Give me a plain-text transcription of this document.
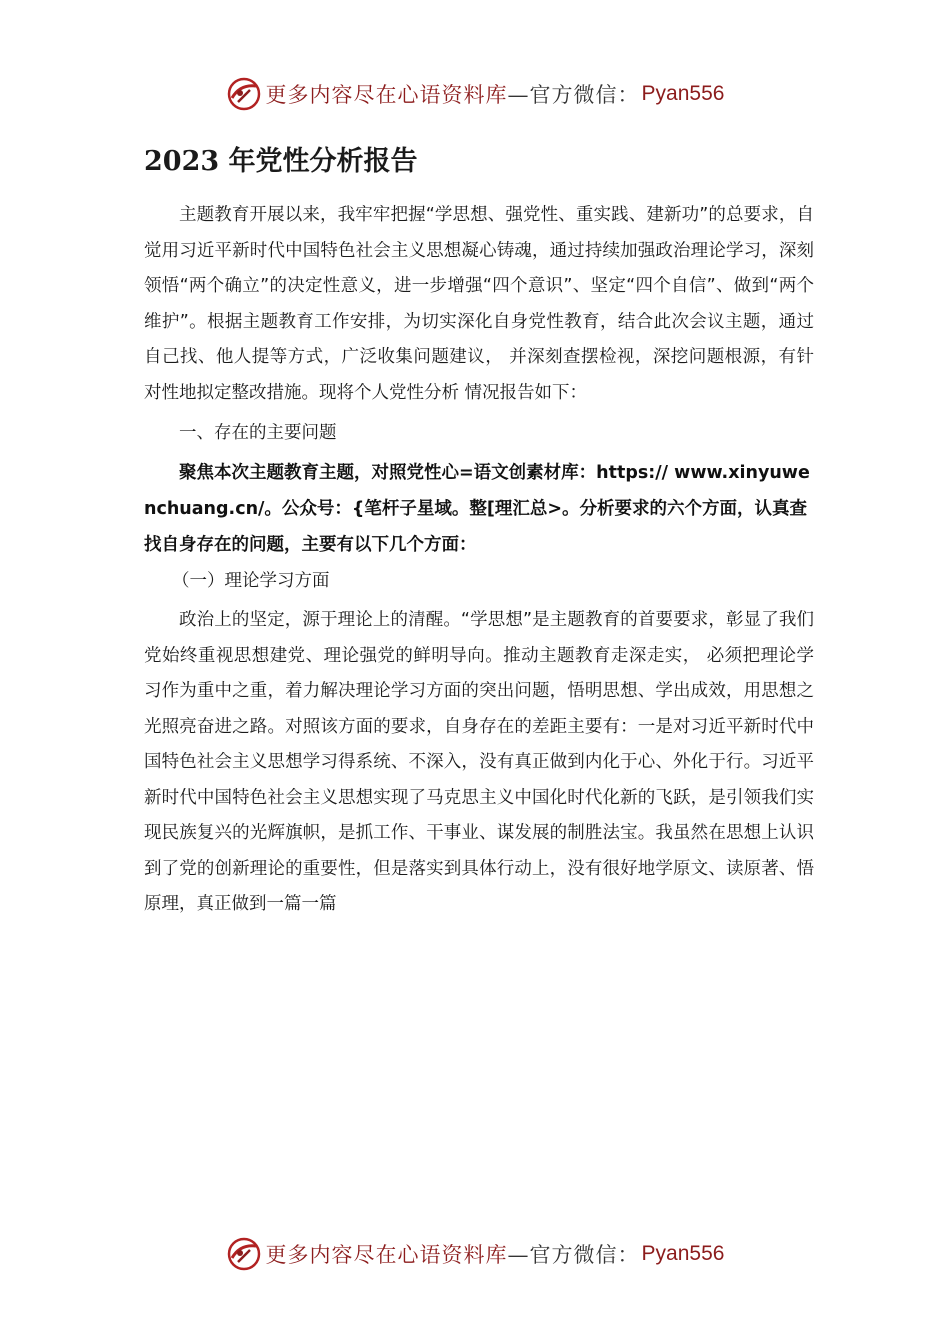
更多内容尽在心语资料库 —官方微信： Pyan556
2023 年党性分析报告

主题教育开展以来，我牢牢把握“学思想、强党性、重实践、建新功”的总要求，自觉用习近平新时代中国特色社会主义思想凝心铸魂，通过持续加强政治理论学习，深刻领悟“两个确立”的决定性意义，进一步增强“四个意识”、坚定“四个自信”、做到“两个维护”。根据主题教育工作安排，为切实深化自身党性教育，结合此次会议主题，通过自己找、他人提等方式，广泛收集问题建议， 并深刻查摆检视，深挖问题根源，有针对性地拟定整改措施。现将个人党性分析 情况报告如下：

一、存在的主要问题

聚焦本次主题教育主题，对照党性心=语文创素材库：https:// www.xinyuwenchuang.cn/。公众号：{笔杆子星域。整[理汇总>。分析要求的六个方面，认真查找自身存在的问题，主要有以下几个方面：

（一）理论学习方面

政治上的坚定，源于理论上的清醒。“学思想”是主题教育的首要要求，彰显了我们党始终重视思想建党、理论强党的鲜明导向。推动主题教育走深走实， 必须把理论学习作为重中之重，着力解决理论学习方面的突出问题，悟明思想、学出成效，用思想之光照亮奋进之路。对照该方面的要求，自身存在的差距主要有：一是对习近平新时代中国特色社会主义思想学习得系统、不深入，没有真正做到内化于心、外化于行。习近平新时代中国特色社会主义思想实现了马克思主义中国化时代化新的飞跃，是引领我们实现民族复兴的光辉旗帜，是抓工作、干事业、谋发展的制胜法宝。我虽然在思想上认识到了党的创新理论的重要性，但是落实到具体行动上，没有很好地学原文、读原著、悟原理，真正做到一篇一篇

更多内容尽在心语资料库 —官方微信： Pyan556
